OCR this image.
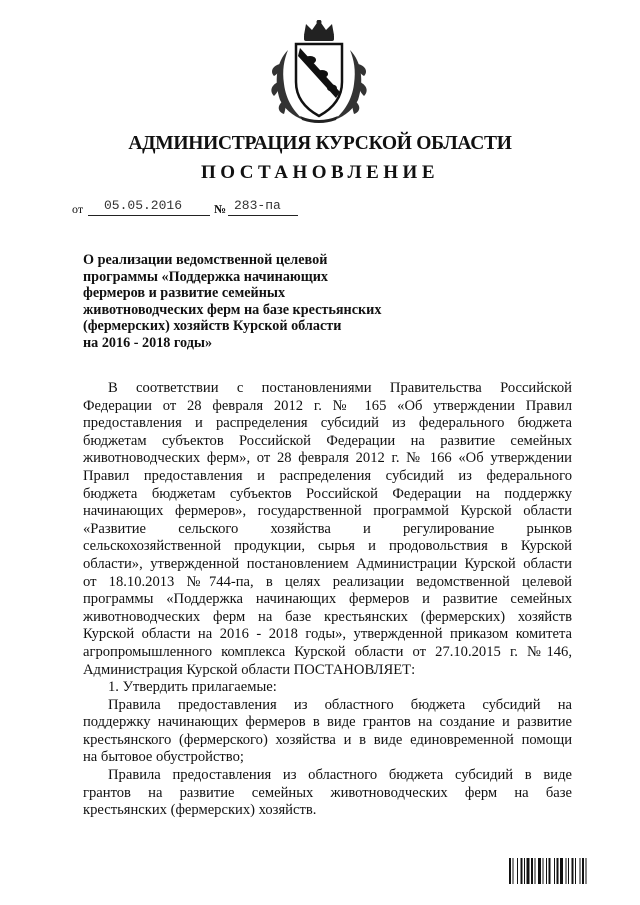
АДМИНИСТРАЦИЯ КУРСКОЙ ОБЛАСТИ
ПОСТАНОВЛЕНИЕ
от 05.05.2016	№ 283-па
О реализации ведомственной целевой
программы «Поддержка начинающих
фермеров и развитие семейных
животноводческих ферм на базе крестьянских
(фермерских) хозяйств Курской области
на 2016 - 2018 годы»
В соответствии с постановлениями Правительства Российской
Федерации от 28 февраля 2012 г. № 165 «Об утверждении Правил
предоставления и распределения субсидий из федерального бюджета
бюджетам субъектов Российской Федерации на развитие семейных
животноводческих ферм», от 28 февраля 2012 г. № 166 «Об утверждении
Правил предоставления и распределения субсидий из федерального
бюджета бюджетам субъектов Российской Федерации на поддержку
начинающих фермеров», государственной программой Курской области
«Развитие сельского хозяйства и регулирование рынков
сельскохозяйственной продукции, сырья и продовольствия в Курской
области», утвержденной постановлением Администрации Курской области
от 18.10.2013 №744-па, в целях реализации ведомственной целевой
программы «Поддержка начинающих фермеров и развитие семейных
животноводческих ферм на базе крестьянских (фермерских) хозяйств
Курской области на 2016 - 2018 годы», утвержденной приказом комитета
агропромышленного комплекса Курской области от 27.10.2015 г. №146,
Администрация Курской области ПОСТАНОВЛЯЕТ:
1. Утвердить прилагаемые:
Правила предоставления из областного бюджета субсидий на
поддержку начинающих фермеров в виде грантов на создание и развитие
крестьянского (фермерского) хозяйства и в виде единовременной помощи
на бытовое обустройство;
Правила предоставления из областного бюджета субсидий в виде
грантов на развитие семейных животноводческих ферм на базе
крестьянских (фермерских) хозяйств.
